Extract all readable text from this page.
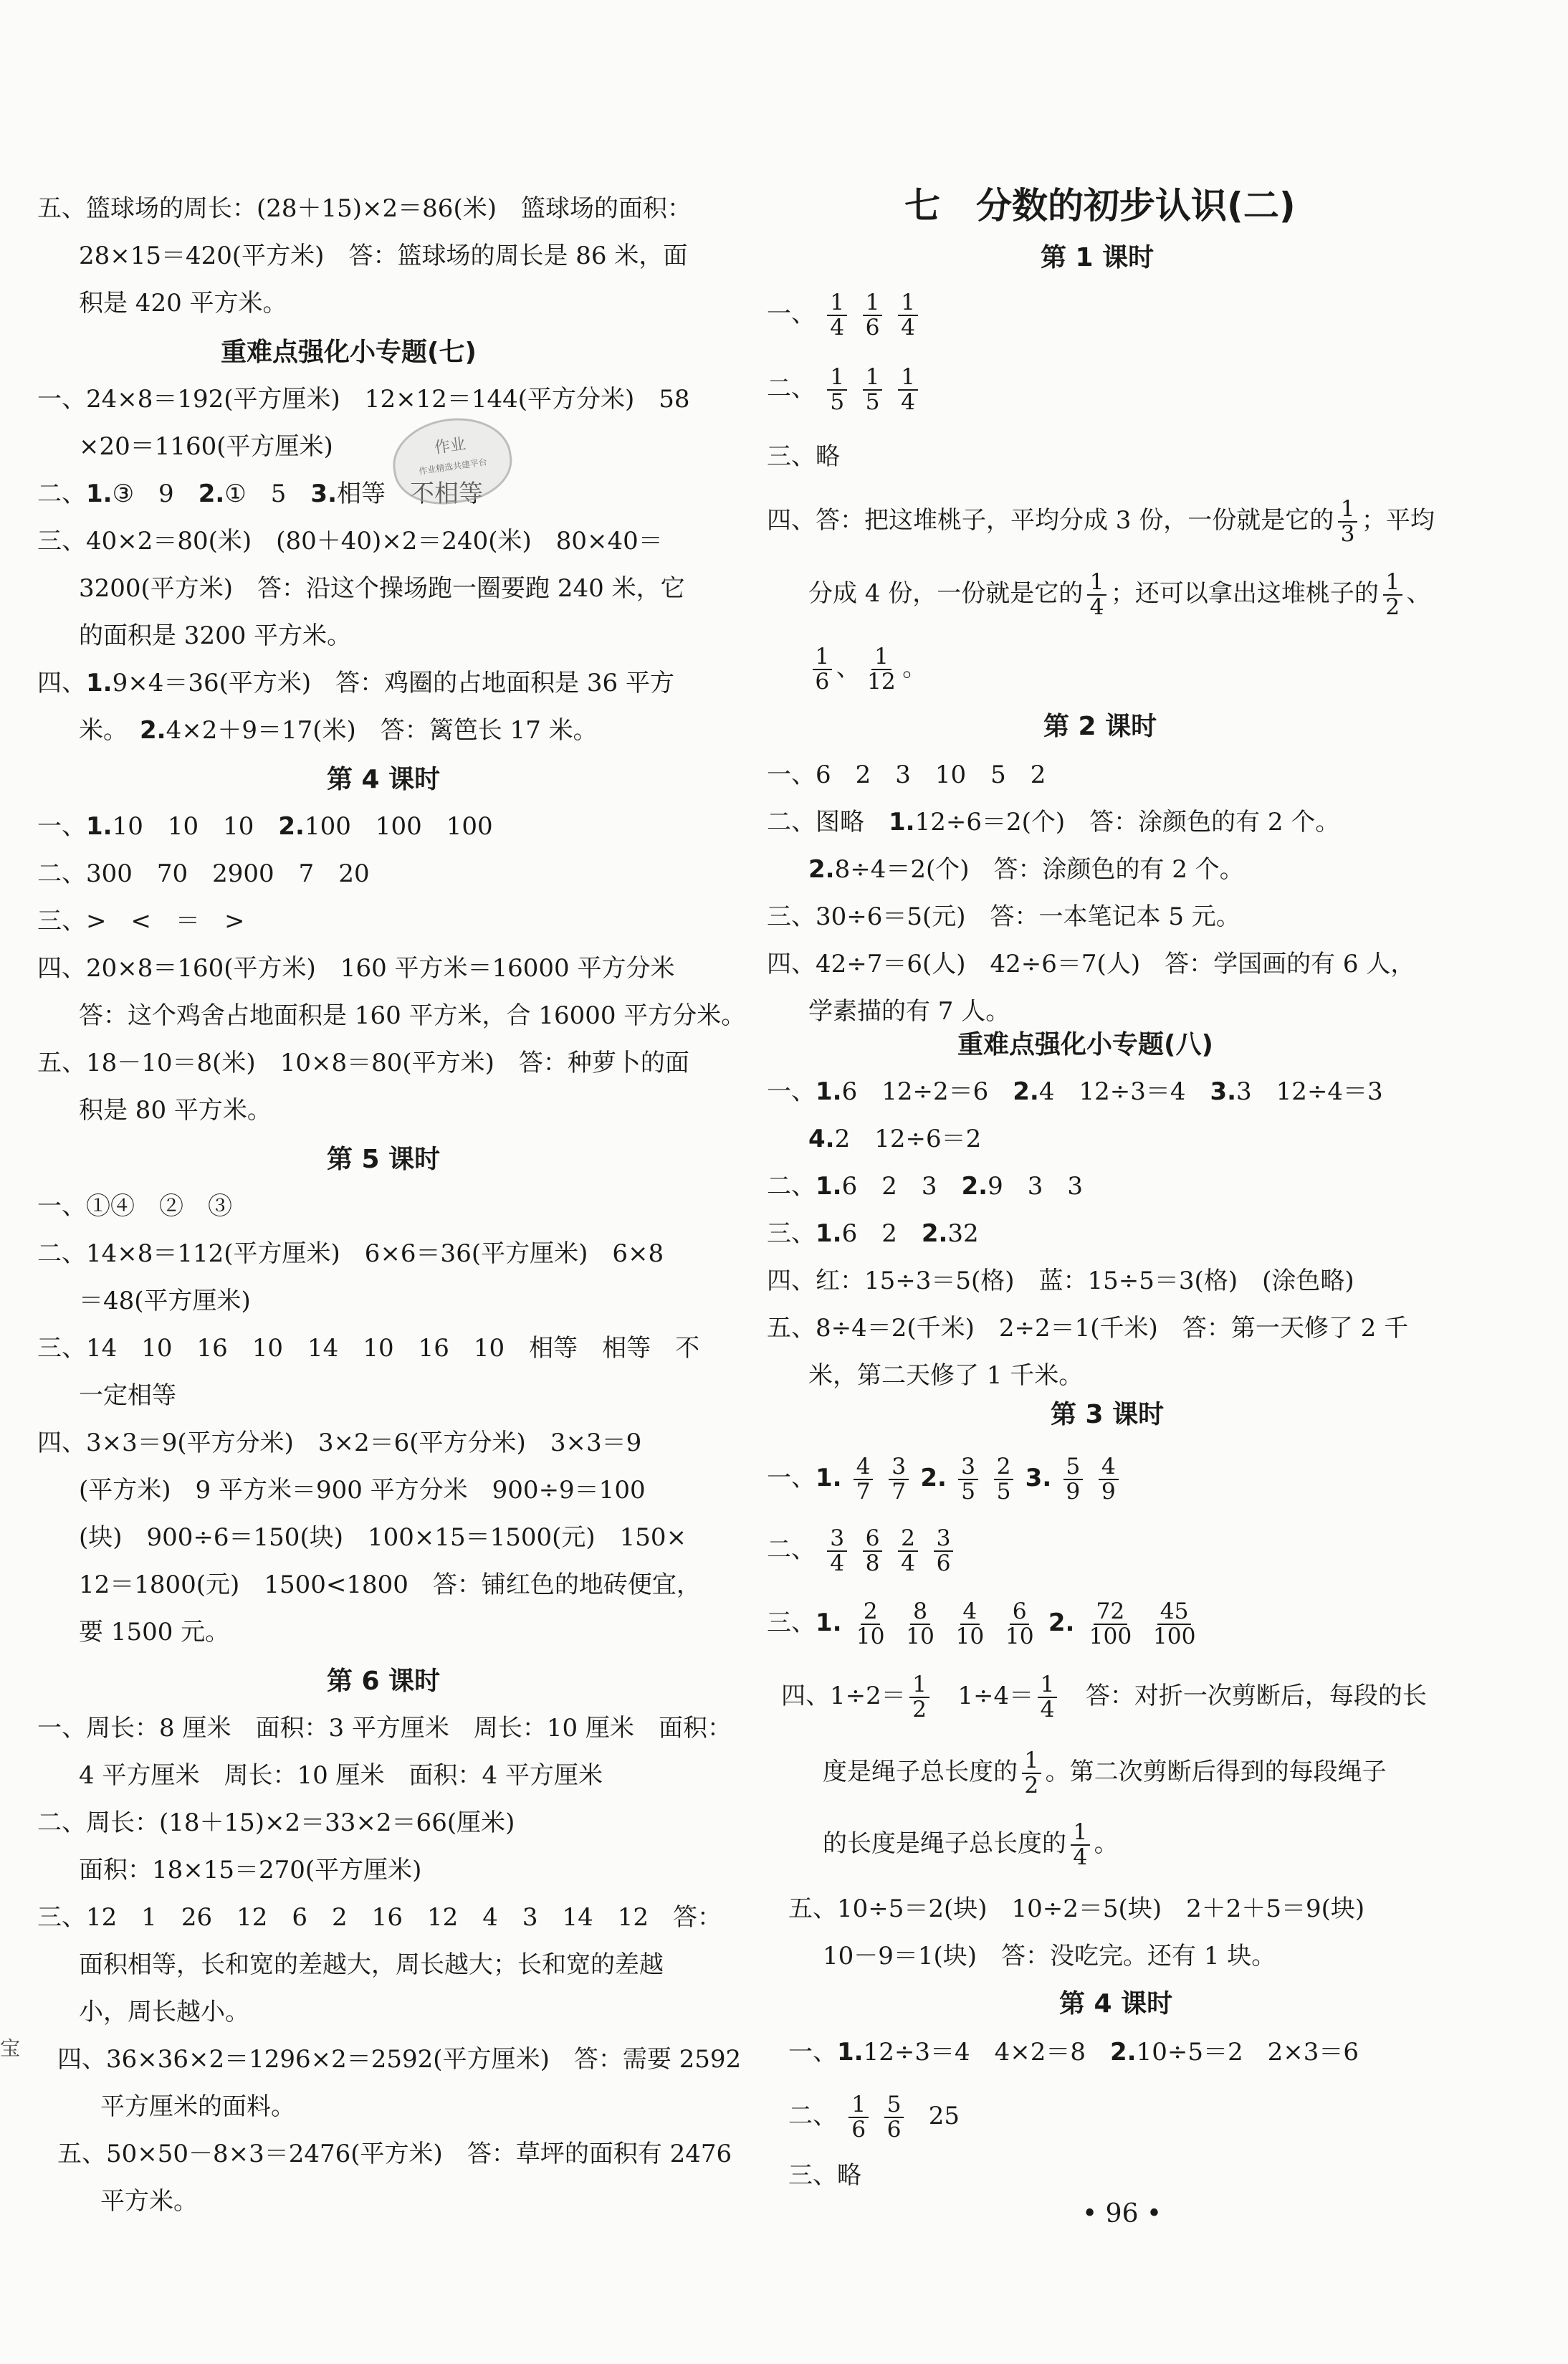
五、篮球场的周长：(28＋15)×2＝86(米)　篮球场的面积：
28×15＝420(平方米)　答：篮球场的周长是 86 米，面
积是 420 平方米。
重难点强化小专题(七)
一、24×8＝192(平方厘米)　12×12＝144(平方分米)　58
×20＝1160(平方厘米)
二、1.③　9　2.①　5　3.相等　不相等
三、40×2＝80(米)　(80＋40)×2＝240(米)　80×40＝
3200(平方米)　答：沿这个操场跑一圈要跑 240 米，它
的面积是 3200 平方米。
四、1.9×4＝36(平方米)　答：鸡圈的占地面积是 36 平方
米。　2.4×2＋9＝17(米)　答：篱笆长 17 米。
第 4 课时
一、1.10　10　10　2.100　100　100
二、300　70　2900　7　20
三、>　<　＝　>
四、20×8＝160(平方米)　160 平方米＝16000 平方分米
答：这个鸡舍占地面积是 160 平方米，合 16000 平方分米。
五、18－10＝8(米)　10×8＝80(平方米)　答：种萝卜的面
积是 80 平方米。
第 5 课时
一、①④　②　③
二、14×8＝112(平方厘米)　6×6＝36(平方厘米)　6×8
＝48(平方厘米)
三、14　10　16　10　14　10　16　10　相等　相等　不
一定相等
四、3×3＝9(平方分米)　3×2＝6(平方分米)　3×3＝9
(平方米)　9 平方米＝900 平方分米　900÷9＝100
(块)　900÷6＝150(块)　100×15＝1500(元)　150×
12＝1800(元)　1500<1800　答：铺红色的地砖便宜，
要 1500 元。
第 6 课时
一、周长：8 厘米　面积：3 平方厘米　周长：10 厘米　面积：
4 平方厘米　周长：10 厘米　面积：4 平方厘米
二、周长：(18＋15)×2＝33×2＝66(厘米)
面积：18×15＝270(平方厘米)
三、12　1　26　12　6　2　16　12　4　3　14　12　答：
面积相等，长和宽的差越大，周长越大；长和宽的差越
小，周长越小。
四、36×36×2＝1296×2＝2592(平方厘米)　答：需要 2592
平方厘米的面料。
五、50×50－8×3＝2476(平方米)　答：草坪的面积有 2476
平方米。
作业
作业精选共建平台
七　分数的初步认识(二)
第 1 课时
一、 $\frac{1}{4}$
$\frac{1}{6}$
$\frac{1}{4}$
二、 $\frac{1}{5}$
$\frac{1}{5}$
$\frac{1}{4}$
三、略
四、答：把这堆桃子，平均分成 3 份，一份就是它的 $\frac{1}{3}$ ；平均
分成 4 份，一份就是它的 $\frac{1}{4}$ ；还可以拿出这堆桃子的 $\frac{1}{2}$ 、
$\frac{1}{6}$ 、 $\frac{1}{12}$ 。
第 2 课时
一、6　2　3　10　5　2
二、图略　1.12÷6＝2(个)　答：涂颜色的有 2 个。
2.8÷4＝2(个)　答：涂颜色的有 2 个。
三、30÷6＝5(元)　答：一本笔记本 5 元。
四、42÷7＝6(人)　42÷6＝7(人)　答：学国画的有 6 人，
学素描的有 7 人。
重难点强化小专题(八)
一、1.6　12÷2＝6　2.4　12÷3＝4　3.3　12÷4＝3
4.2　12÷6＝2
二、1.6　2　3　2.9　3　3
三、1.6　2　2.32
四、红：15÷3＝5(格)　蓝：15÷5＝3(格)　(涂色略)
五、8÷4＝2(千米)　2÷2＝1(千米)　答：第一天修了 2 千
米，第二天修了 1 千米。
第 3 课时
一、1. $\frac{4}{7}$
$\frac{3}{7} 2$. $\frac{3}{5}$
$\frac{2}{5} 3$. $\frac{5}{9}$
$\frac{4}{9}$
二、 $\frac{3}{4}$
$\frac{6}{8}$
$\frac{2}{4}$
$\frac{3}{6}$
三、1. $\frac{2}{10}$
$\frac{8}{10}$
$\frac{4}{10}$
$\frac{6}{10} 2$. $\frac{72}{100}$
$\frac{45}{100}$
四、$1\div 2= \frac{1}{2}$ 　$1\div 4= \frac{1}{4}$ 　答：对折一次剪断后，每段的长
度是绳子总长度的 $\frac{1}{2}$ 。第二次剪断后得到的每段绳子
的长度是绳子总长度的 $\frac{1}{4}$ 。
五、10÷5＝2(块)　10÷2＝5(块)　2＋2＋5＝9(块)
10－9＝1(块)　答：没吃完。还有 1 块。
第 4 课时
一、1.12÷3＝4　4×2＝8　2.10÷5＝2　2×3＝6
二、 $\frac{1}{6}$
$\frac{5}{6} 25$
三、略
• 96 •
宝
